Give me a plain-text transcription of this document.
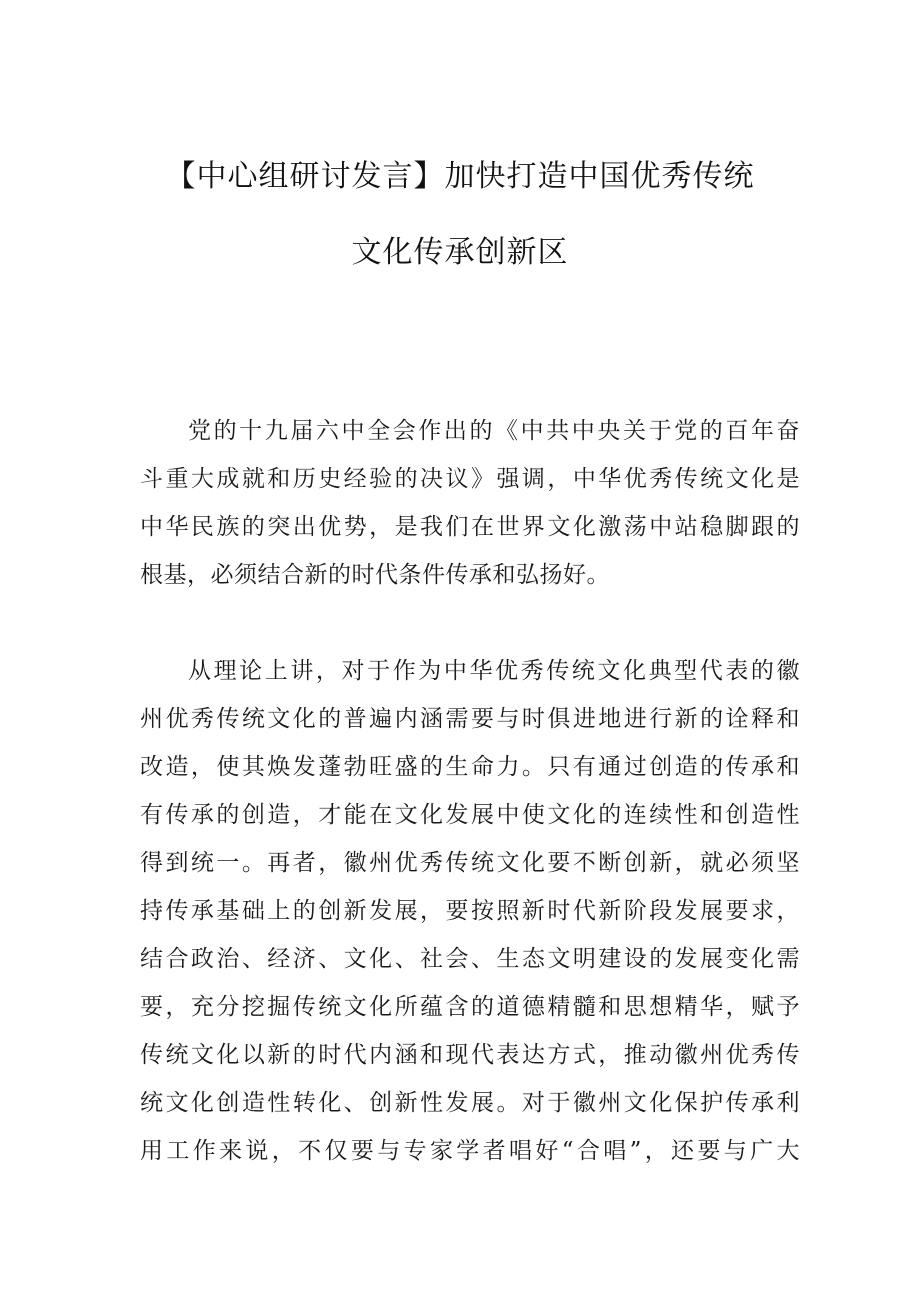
【中心组研讨发言】加快打造中国优秀传统
文化传承创新区

党的十九届六中全会作出的《中共中央关于党的百年奋
斗重大成就和历史经验的决议》强调，中华优秀传统文化是
中华民族的突出优势，是我们在世界文化激荡中站稳脚跟的
根基，必须结合新的时代条件传承和弘扬好。

从理论上讲，对于作为中华优秀传统文化典型代表的徽
州优秀传统文化的普遍内涵需要与时俱进地进行新的诠释和
改造，使其焕发蓬勃旺盛的生命力。只有通过创造的传承和
有传承的创造，才能在文化发展中使文化的连续性和创造性
得到统一。再者，徽州优秀传统文化要不断创新，就必须坚
持传承基础上的创新发展，要按照新时代新阶段发展要求，
结合政治、经济、文化、社会、生态文明建设的发展变化需
要，充分挖掘传统文化所蕴含的道德精髓和思想精华，赋予
传统文化以新的时代内涵和现代表达方式，推动徽州优秀传
统文化创造性转化、创新性发展。对于徽州文化保护传承利
用工作来说，不仅要与专家学者唱好“合唱”，还要与广大
